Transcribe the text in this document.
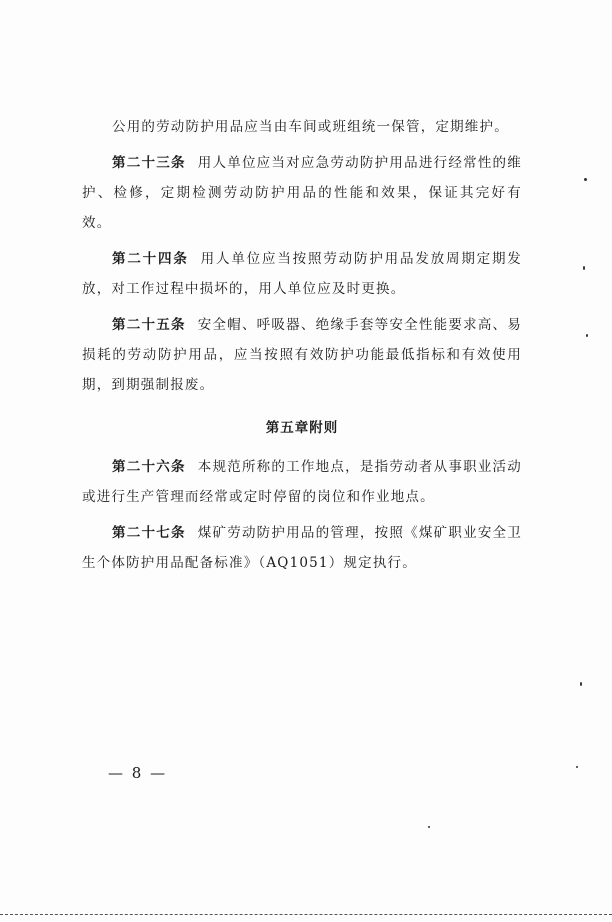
公用的劳动防护用品应当由车间或班组统一保管，定期维护。

第二十三条 用人单位应当对应急劳动防护用品进行经常性的维护、检修，定期检测劳动防护用品的性能和效果，保证其完好有效。

第二十四条 用人单位应当按照劳动防护用品发放周期定期发放，对工作过程中损坏的，用人单位应及时更换。

第二十五条 安全帽、呼吸器、绝缘手套等安全性能要求高、易损耗的劳动防护用品，应当按照有效防护功能最低指标和有效使用期，到期强制报废。

第五章附则

第二十六条 本规范所称的工作地点，是指劳动者从事职业活动或进行生产管理而经常或定时停留的岗位和作业地点。

第二十七条 煤矿劳动防护用品的管理，按照《煤矿职业安全卫生个体防护用品配备标准》（AQ1051）规定执行。

— 8 —
